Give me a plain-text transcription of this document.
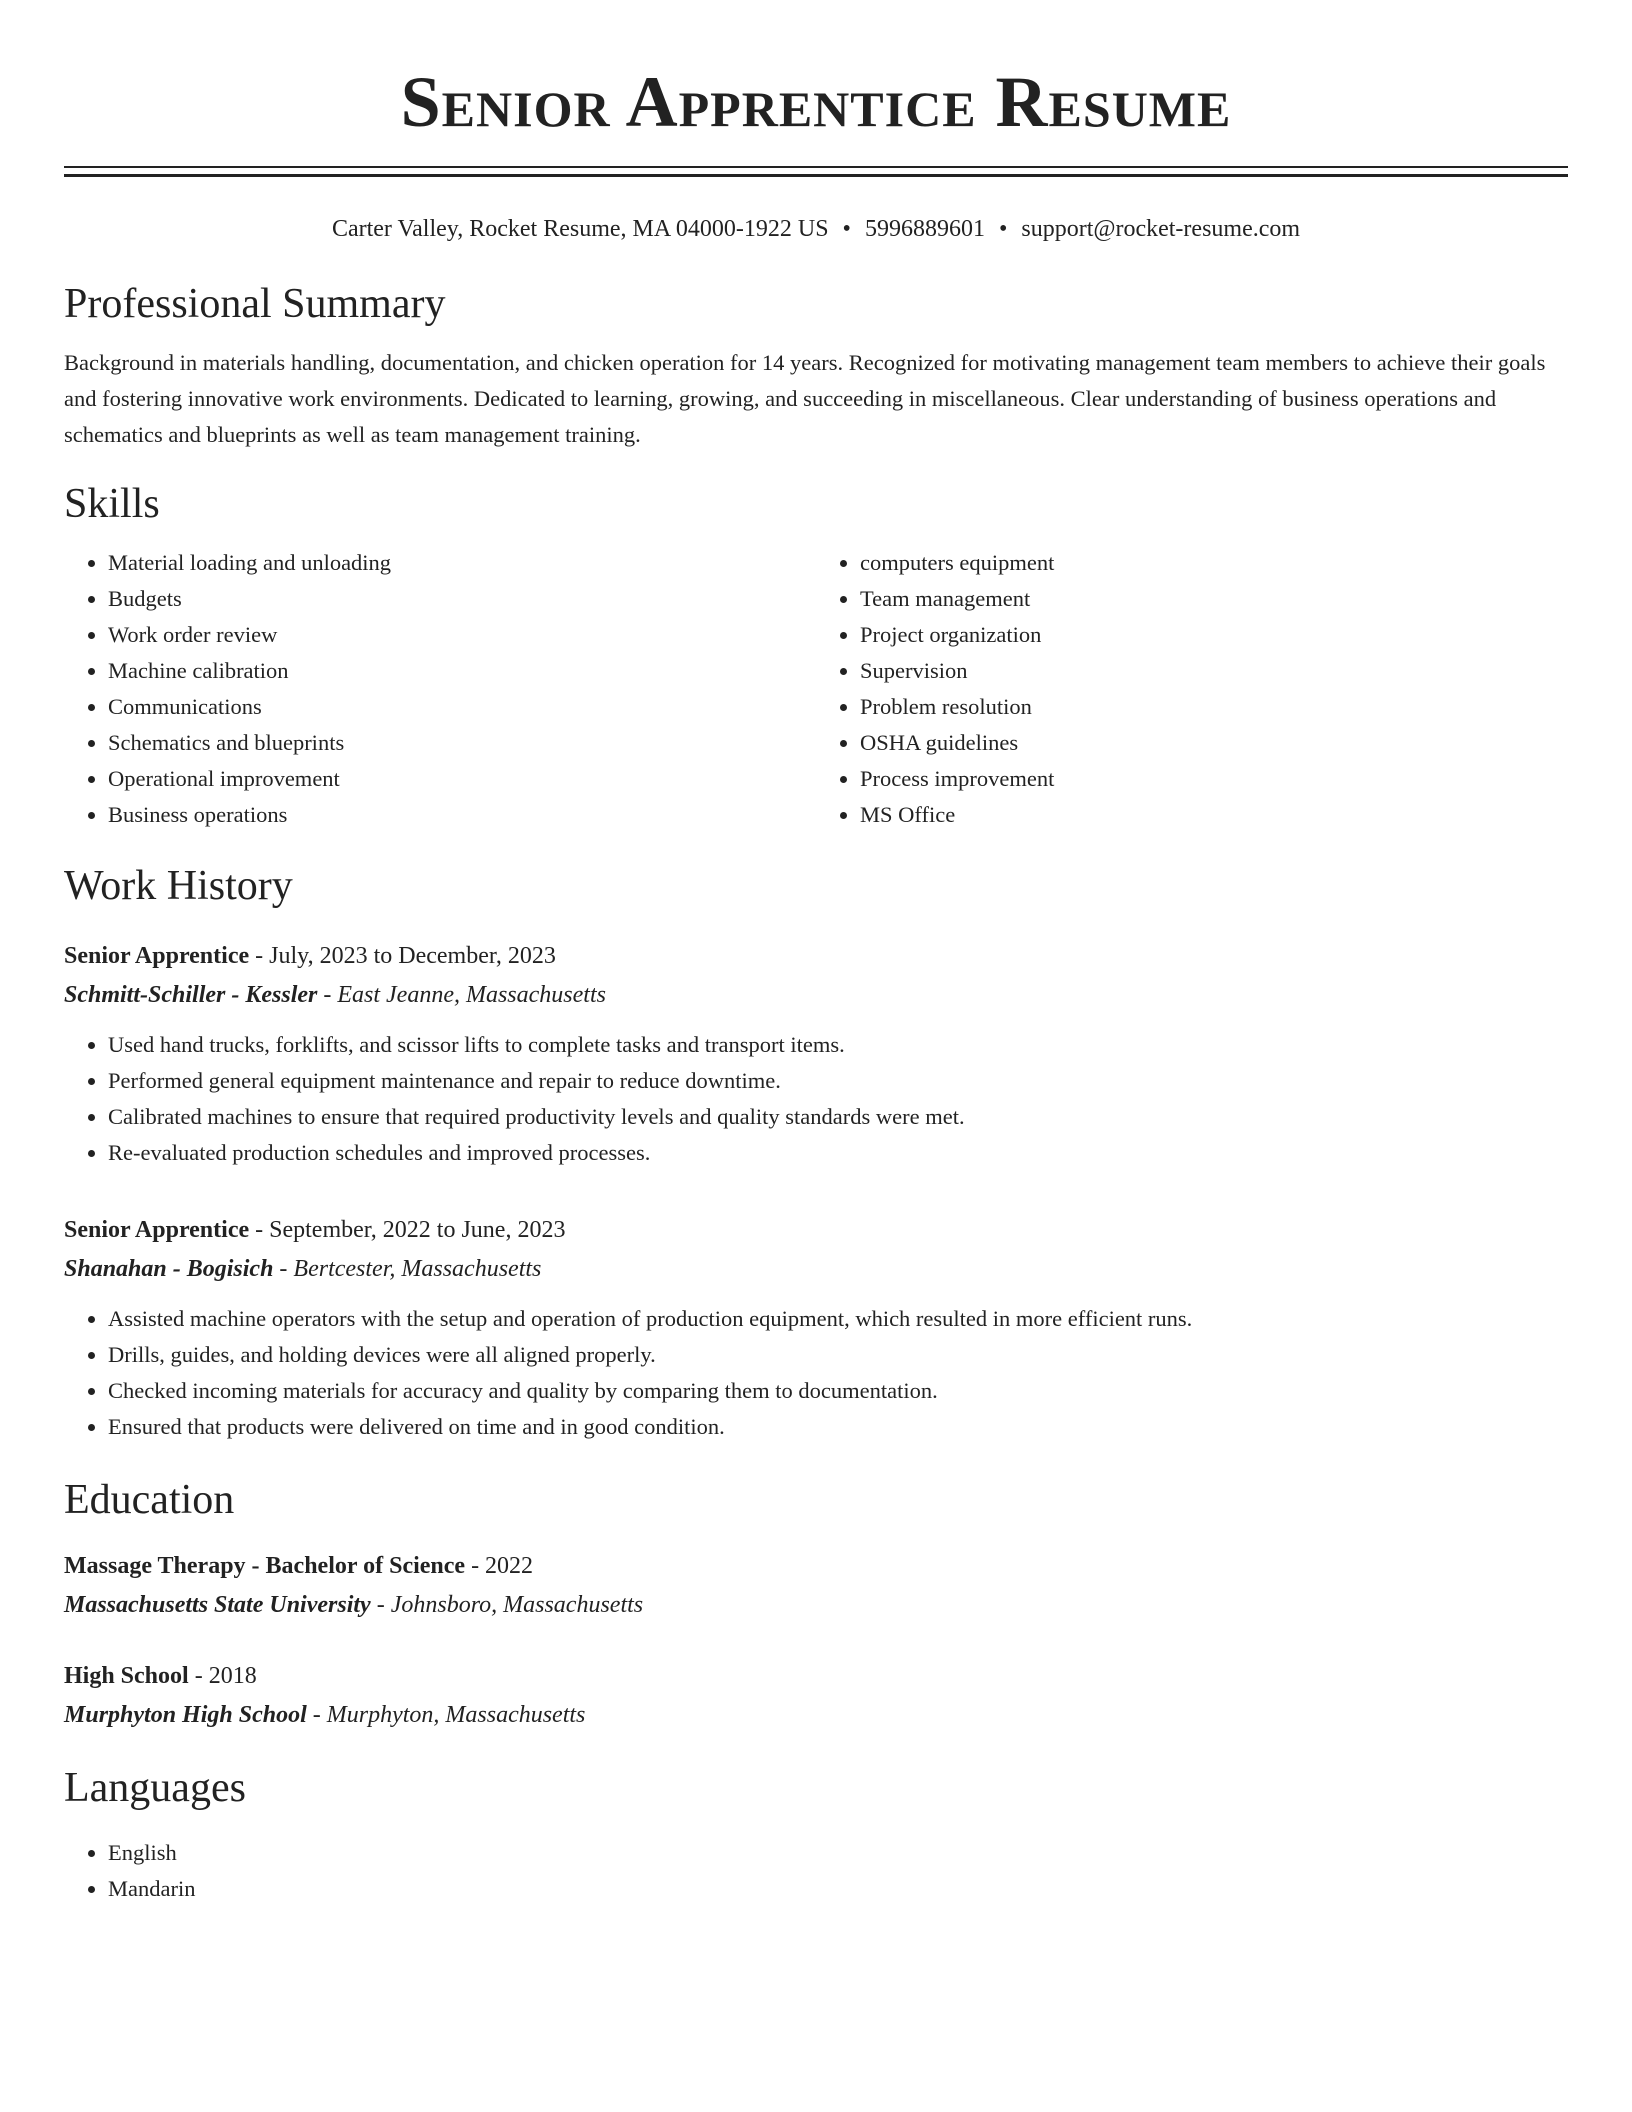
Senior Apprentice Resume
Carter Valley, Rocket Resume, MA 04000-1922 US • 5996889601 • support@rocket-resume.com
Professional Summary

Background in materials handling, documentation, and chicken operation for 14 years. Recognized for motivating management team members to achieve their goals and fostering innovative work environments. Dedicated to learning, growing, and succeeding in miscellaneous. Clear understanding of business operations and schematics and blueprints as well as team management training.

Skills
• Material loading and unloading
• Budgets
• Work order review
• Machine calibration
• Communications
• Schematics and blueprints
• Operational improvement
• Business operations
• computers equipment
• Team management
• Project organization
• Supervision
• Problem resolution
• OSHA guidelines
• Process improvement
• MS Office
Work History
Senior Apprentice - July, 2023 to December, 2023
Schmitt-Schiller - Kessler - East Jeanne, Massachusetts
• Used hand trucks, forklifts, and scissor lifts to complete tasks and transport items.
• Performed general equipment maintenance and repair to reduce downtime.
• Calibrated machines to ensure that required productivity levels and quality standards were met.
• Re-evaluated production schedules and improved processes.
Senior Apprentice - September, 2022 to June, 2023
Shanahan - Bogisich - Bertcester, Massachusetts
• Assisted machine operators with the setup and operation of production equipment, which resulted in more efficient runs.
• Drills, guides, and holding devices were all aligned properly.
• Checked incoming materials for accuracy and quality by comparing them to documentation.
• Ensured that products were delivered on time and in good condition.
Education
Massage Therapy - Bachelor of Science - 2022
Massachusetts State University - Johnsboro, Massachusetts
High School - 2018
Murphyton High School - Murphyton, Massachusetts
Languages
• English
• Mandarin
